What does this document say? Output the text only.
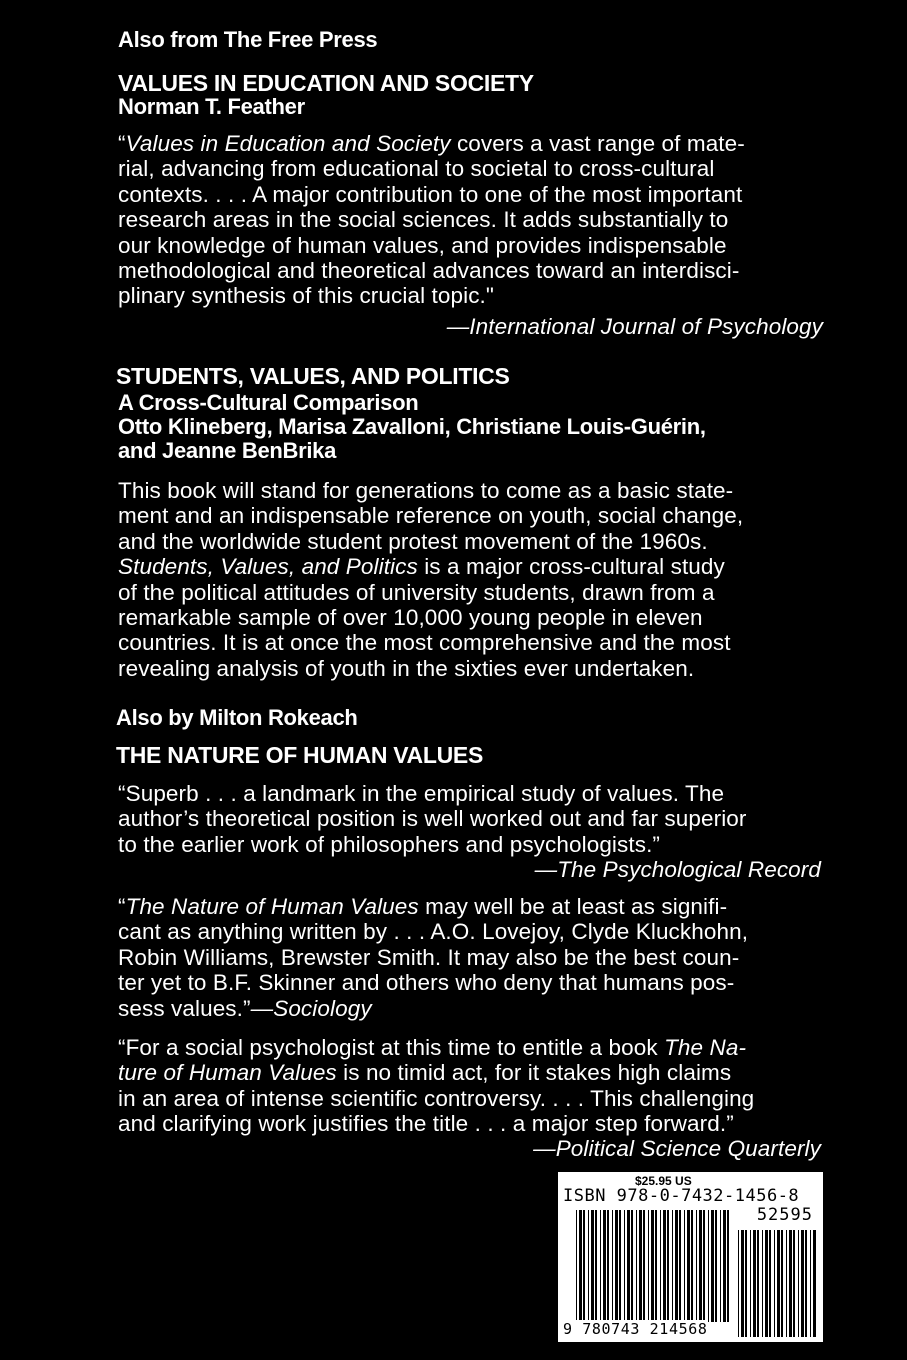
Also from The Free Press
VALUES IN EDUCATION AND SOCIETY
Norman T. Feather
“Values in Education and Society covers a vast range of mate-
rial, advancing from educational to societal to cross-cultural
contexts. . . . A major contribution to one of the most important
research areas in the social sciences. It adds substantially to
our knowledge of human values, and provides indispensable
methodological and theoretical advances toward an interdisci-
plinary synthesis of this crucial topic."
—International Journal of Psychology
STUDENTS, VALUES, AND POLITICS
A Cross-Cultural Comparison
Otto Klineberg, Marisa Zavalloni, Christiane Louis-Guérin,
and Jeanne BenBrika
This book will stand for generations to come as a basic state-
ment and an indispensable reference on youth, social change,
and the worldwide student protest movement of the 1960s.
Students, Values, and Politics is a major cross-cultural study
of the political attitudes of university students, drawn from a
remarkable sample of over 10,000 young people in eleven
countries. It is at once the most comprehensive and the most
revealing analysis of youth in the sixties ever undertaken.
Also by Milton Rokeach
THE NATURE OF HUMAN VALUES
“Superb . . . a landmark in the empirical study of values. The
author’s theoretical position is well worked out and far superior
to the earlier work of philosophers and psychologists.”
—The Psychological Record
“The Nature of Human Values may well be at least as signifi-
cant as anything written by . . . A.O. Lovejoy, Clyde Kluckhohn,
Robin Williams, Brewster Smith. It may also be the best coun-
ter yet to B.F. Skinner and others who deny that humans pos-
sess values.”—Sociology
“For a social psychologist at this time to entitle a book The Na-
ture of Human Values is no timid act, for it stakes high claims
in an area of intense scientific controversy. . . . This challenging
and clarifying work justifies the title . . . a major step forward.”
—Political Science Quarterly
$25.95 US
ISBN 978-0-7432-1456-8
52595
9 780743 214568
